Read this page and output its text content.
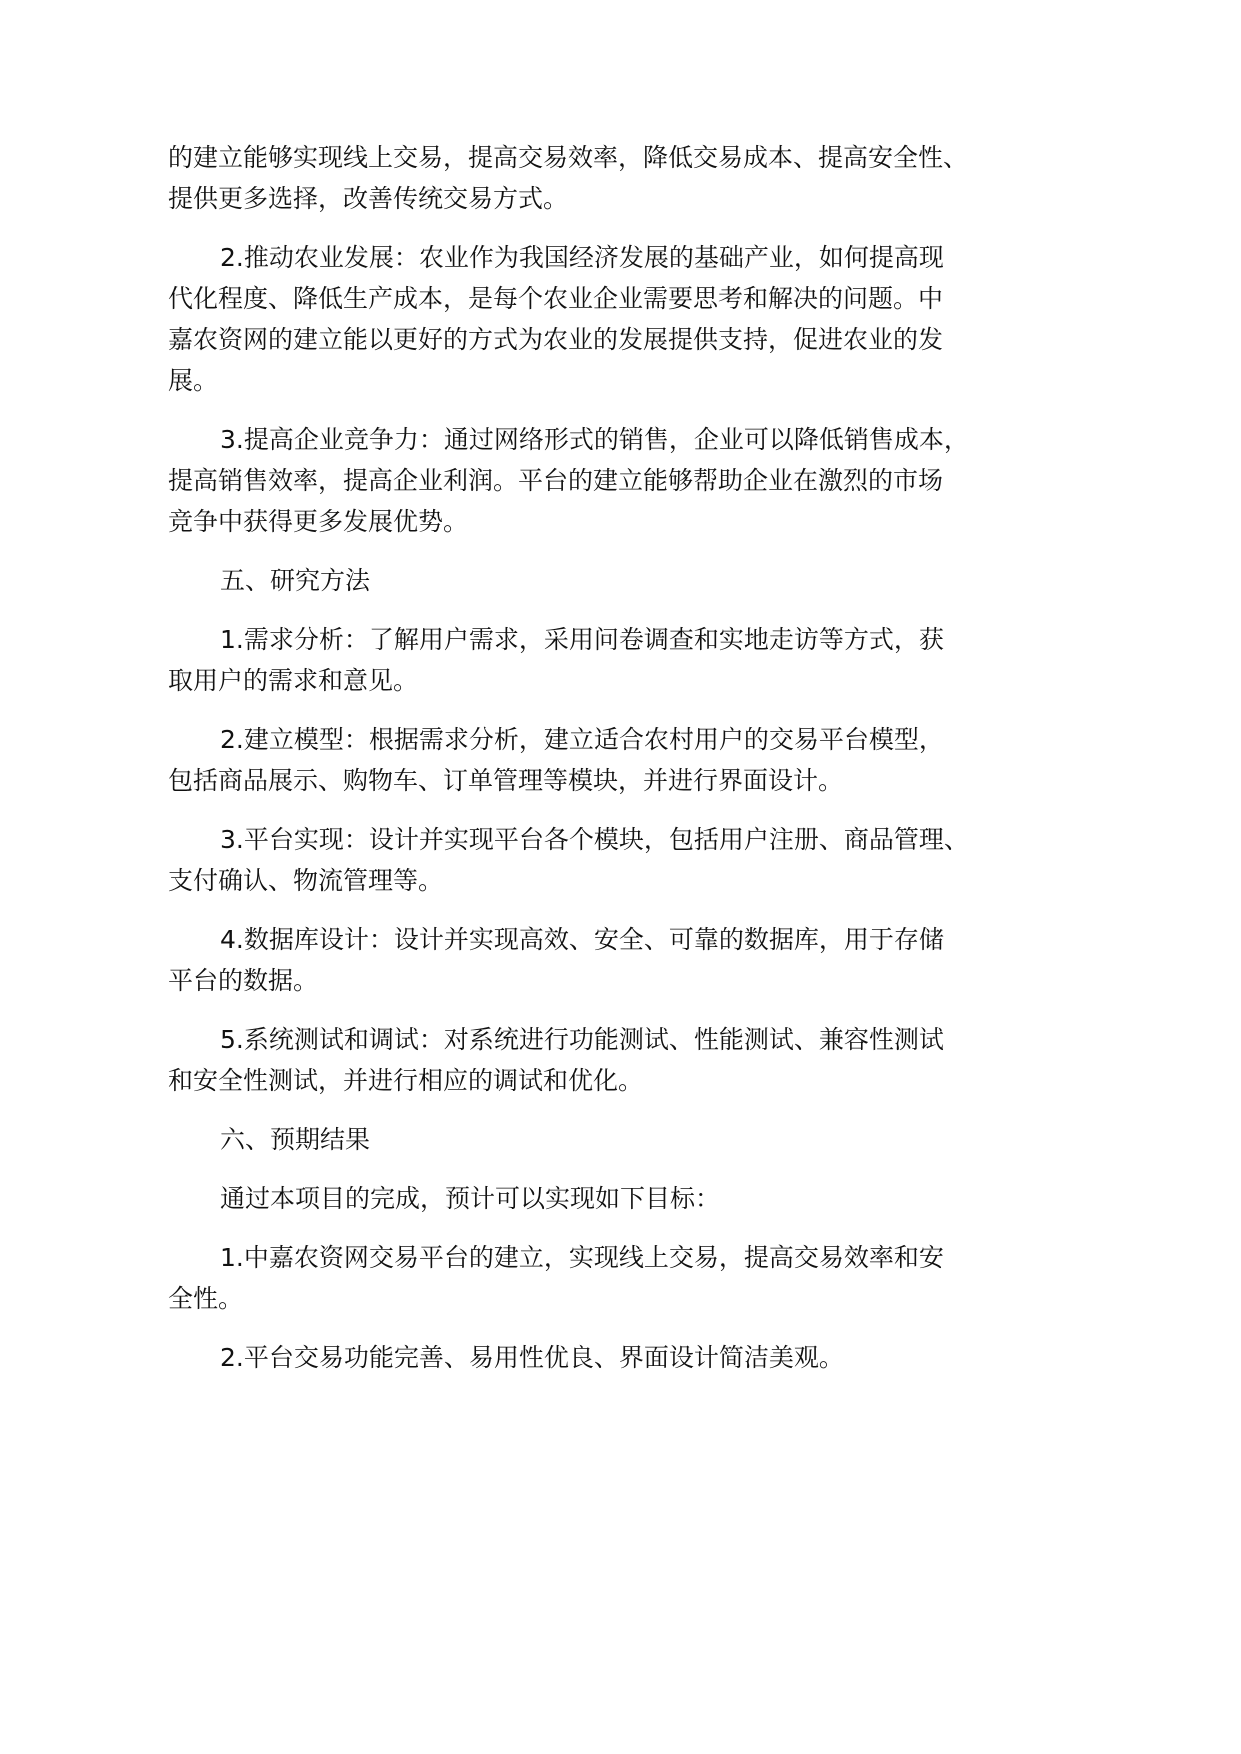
的建立能够实现线上交易，提高交易效率，降低交易成本、提高安全性、
提供更多选择，改善传统交易方式。
2.推动农业发展：农业作为我国经济发展的基础产业，如何提高现
代化程度、降低生产成本，是每个农业企业需要思考和解决的问题。中
嘉农资网的建立能以更好的方式为农业的发展提供支持，促进农业的发
展。
3.提高企业竞争力：通过网络形式的销售，企业可以降低销售成本，
提高销售效率，提高企业利润。平台的建立能够帮助企业在激烈的市场
竞争中获得更多发展优势。
五、研究方法
1.需求分析：了解用户需求，采用问卷调查和实地走访等方式，获
取用户的需求和意见。
2.建立模型：根据需求分析，建立适合农村用户的交易平台模型，
包括商品展示、购物车、订单管理等模块，并进行界面设计。
3.平台实现：设计并实现平台各个模块，包括用户注册、商品管理、
支付确认、物流管理等。
4.数据库设计：设计并实现高效、安全、可靠的数据库，用于存储
平台的数据。
5.系统测试和调试：对系统进行功能测试、性能测试、兼容性测试
和安全性测试，并进行相应的调试和优化。
六、预期结果
通过本项目的完成，预计可以实现如下目标：
1.中嘉农资网交易平台的建立，实现线上交易，提高交易效率和安
全性。
2.平台交易功能完善、易用性优良、界面设计简洁美观。
